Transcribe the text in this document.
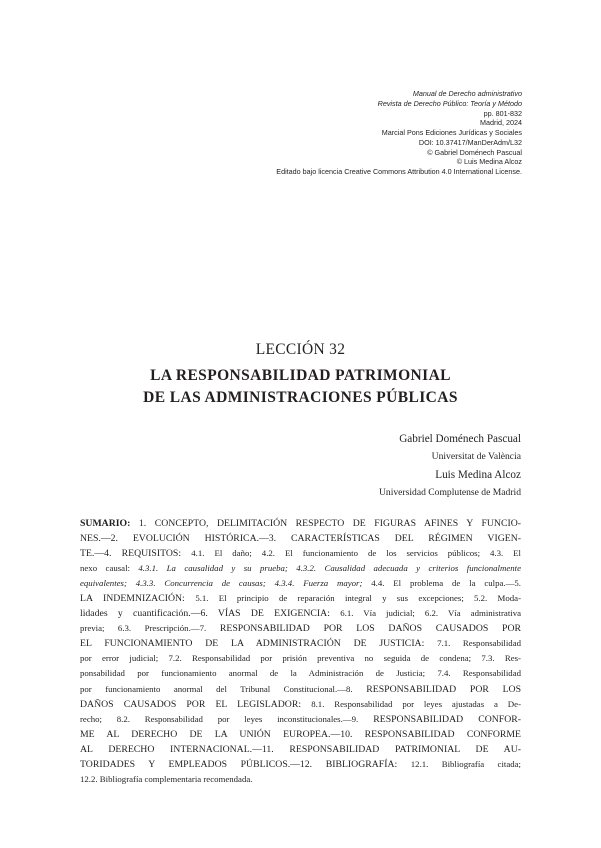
Manual de Derecho administrativo
Revista de Derecho Público: Teoría y Método
pp. 801-832
Madrid, 2024
Marcial Pons Ediciones Jurídicas y Sociales
DOI: 10.37417/ManDerAdm/L32
© Gabriel Doménech Pascual
© Luis Medina Alcoz
Editado bajo licencia Creative Commons Attribution 4.0 International License.
LECCIÓN 32
LA RESPONSABILIDAD PATRIMONIAL
DE LAS ADMINISTRACIONES PÚBLICAS
Gabriel Doménech Pascual
Universitat de València
Luis Medina Alcoz
Universidad Complutense de Madrid
SUMARIO: 1. CONCEPTO, DELIMITACIÓN RESPECTO DE FIGURAS AFINES Y FUNCIO-
NES.—2. EVOLUCIÓN HISTÓRICA.—3. CARACTERÍSTICAS DEL RÉGIMEN VIGEN-
TE.—4. REQUISITOS: 4.1. El daño; 4.2. El funcionamiento de los servicios públicos; 4.3. El
nexo causal: 4.3.1. La causalidad y su prueba; 4.3.2. Causalidad adecuada y criterios funcionalmente
equivalentes; 4.3.3. Concurrencia de causas; 4.3.4. Fuerza mayor; 4.4. El problema de la culpa.—5.
LA INDEMNIZACIÓN: 5.1. El principio de reparación integral y sus excepciones; 5.2. Moda-
lidades y cuantificación.—6. VÍAS DE EXIGENCIA: 6.1. Vía judicial; 6.2. Vía administrativa
previa; 6.3. Prescripción.—7. RESPONSABILIDAD POR LOS DAÑOS CAUSADOS POR
EL FUNCIONAMIENTO DE LA ADMINISTRACIÓN DE JUSTICIA: 7.1. Responsabilidad
por error judicial; 7.2. Responsabilidad por prisión preventiva no seguida de condena; 7.3. Res-
ponsabilidad por funcionamiento anormal de la Administración de Justicia; 7.4. Responsabilidad
por funcionamiento anormal del Tribunal Constitucional.—8. RESPONSABILIDAD POR LOS
DAÑOS CAUSADOS POR EL LEGISLADOR: 8.1. Responsabilidad por leyes ajustadas a De-
recho; 8.2. Responsabilidad por leyes inconstitucionales.—9. RESPONSABILIDAD CONFOR-
ME AL DERECHO DE LA UNIÓN EUROPEA.—10. RESPONSABILIDAD CONFORME
AL DERECHO INTERNACIONAL.—11. RESPONSABILIDAD PATRIMONIAL DE AU-
TORIDADES Y EMPLEADOS PÚBLICOS.—12. BIBLIOGRAFÍA: 12.1. Bibliografía citada;
12.2. Bibliografía complementaria recomendada.
